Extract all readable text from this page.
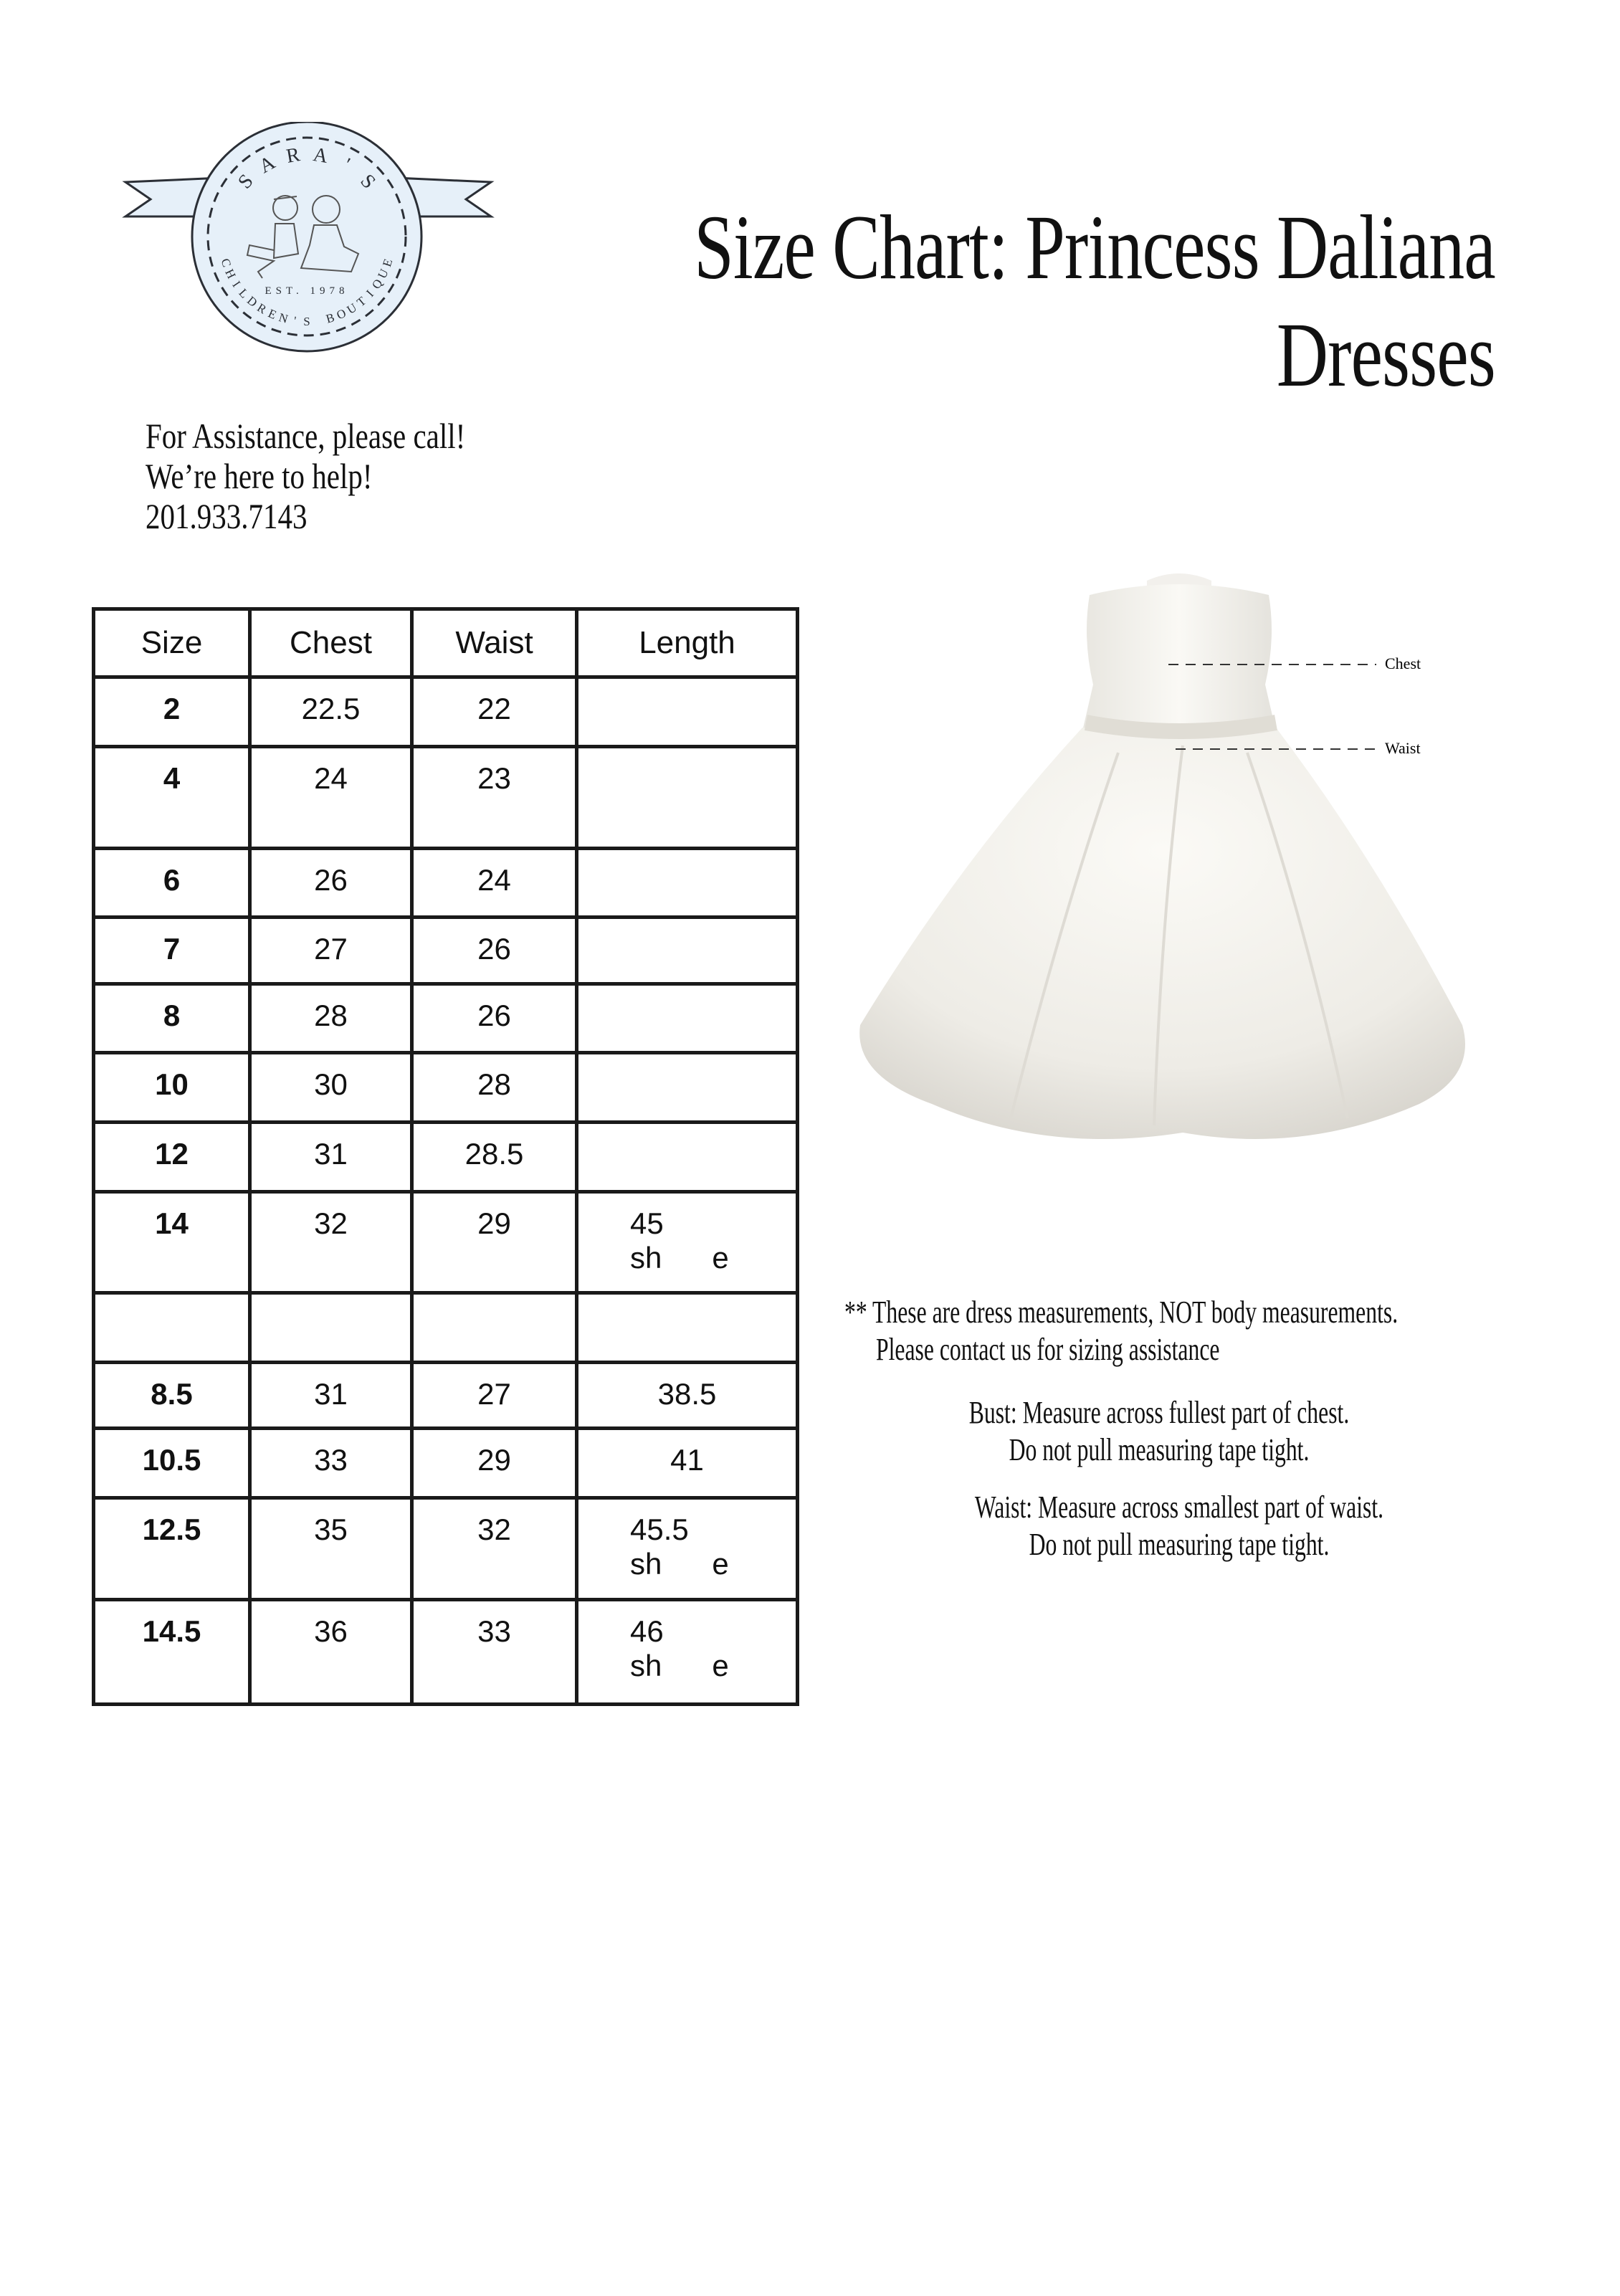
EST. 1978
S
A R A '
S
C
H
I
L
D
R
E
N ' S B
O
U
T
I
Q
U
E	Size Chart: Princess Daliana
Dresses
For Assistance, please call!
We’re here to help!
201.933.7143
Size	Chest	Waist	Length

2	22.5	22	

4	24	23	

6	26	24	

7	27	26	

8	28	26	

10	30	28	

12	31	28.5	

14	32	29	45
sh      e

8.5	31	27	38.5

10.5	33	29	41

12.5	35	32	45.5
sh      e

14.5	36	33	46
sh      e
Chest
Waist
** These are dress measurements, NOT body measurements.
Please contact us for sizing assistance
Bust: Measure across fullest part of chest.
Do not pull measuring tape tight.
Waist: Measure across smallest part of waist.
Do not pull measuring tape tight.
